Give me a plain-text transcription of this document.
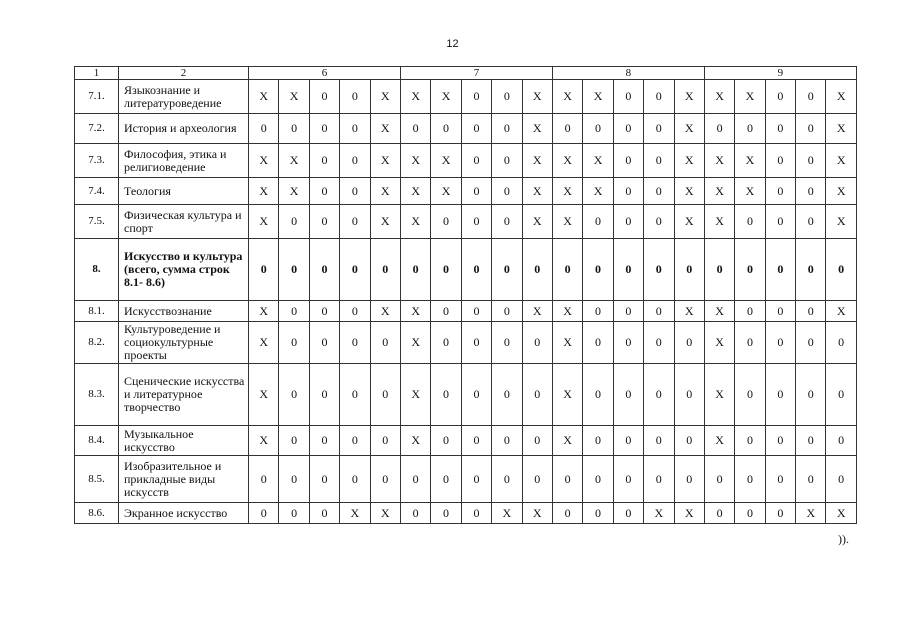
12
1	2	6					7					8					9				
7.1.	Языкознание и литературоведение	X	X	0	0	X	X	X	0	0	X	X	X	0	0	X	X	X	0	0	X
7.2.	История и археология	0	0	0	0	X	0	0	0	0	X	0	0	0	0	X	0	0	0	0	X
7.3.	Философия, этика и религиоведение	X	X	0	0	X	X	X	0	0	X	X	X	0	0	X	X	X	0	0	X
7.4.	Теология	X	X	0	0	X	X	X	0	0	X	X	X	0	0	X	X	X	0	0	X
7.5.	Физическая культура и спорт	X	0	0	0	X	X	0	0	0	X	X	0	0	0	X	X	0	0	0	X
8.	Искусство и культура (всего, сумма строк 8.1- 8.6)	0	0	0	0	0	0	0	0	0	0	0	0	0	0	0	0	0	0	0	0
8.1.	Искусствознание	X	0	0	0	X	X	0	0	0	X	X	0	0	0	X	X	0	0	0	X
8.2.	Культуроведение и социокультурные проекты	X	0	0	0	0	X	0	0	0	0	X	0	0	0	0	X	0	0	0	0
8.3.	Сценические искусства и литературное творчество	X	0	0	0	0	X	0	0	0	0	X	0	0	0	0	X	0	0	0	0
8.4.	Музыкальное искусство	X	0	0	0	0	X	0	0	0	0	X	0	0	0	0	X	0	0	0	0
8.5.	Изобразительное и прикладные виды искусств	0	0	0	0	0	0	0	0	0	0	0	0	0	0	0	0	0	0	0	0
8.6.	Экранное искусство	0	0	0	X	X	0	0	0	X	X	0	0	0	X	X	0	0	0	X	X
)).
